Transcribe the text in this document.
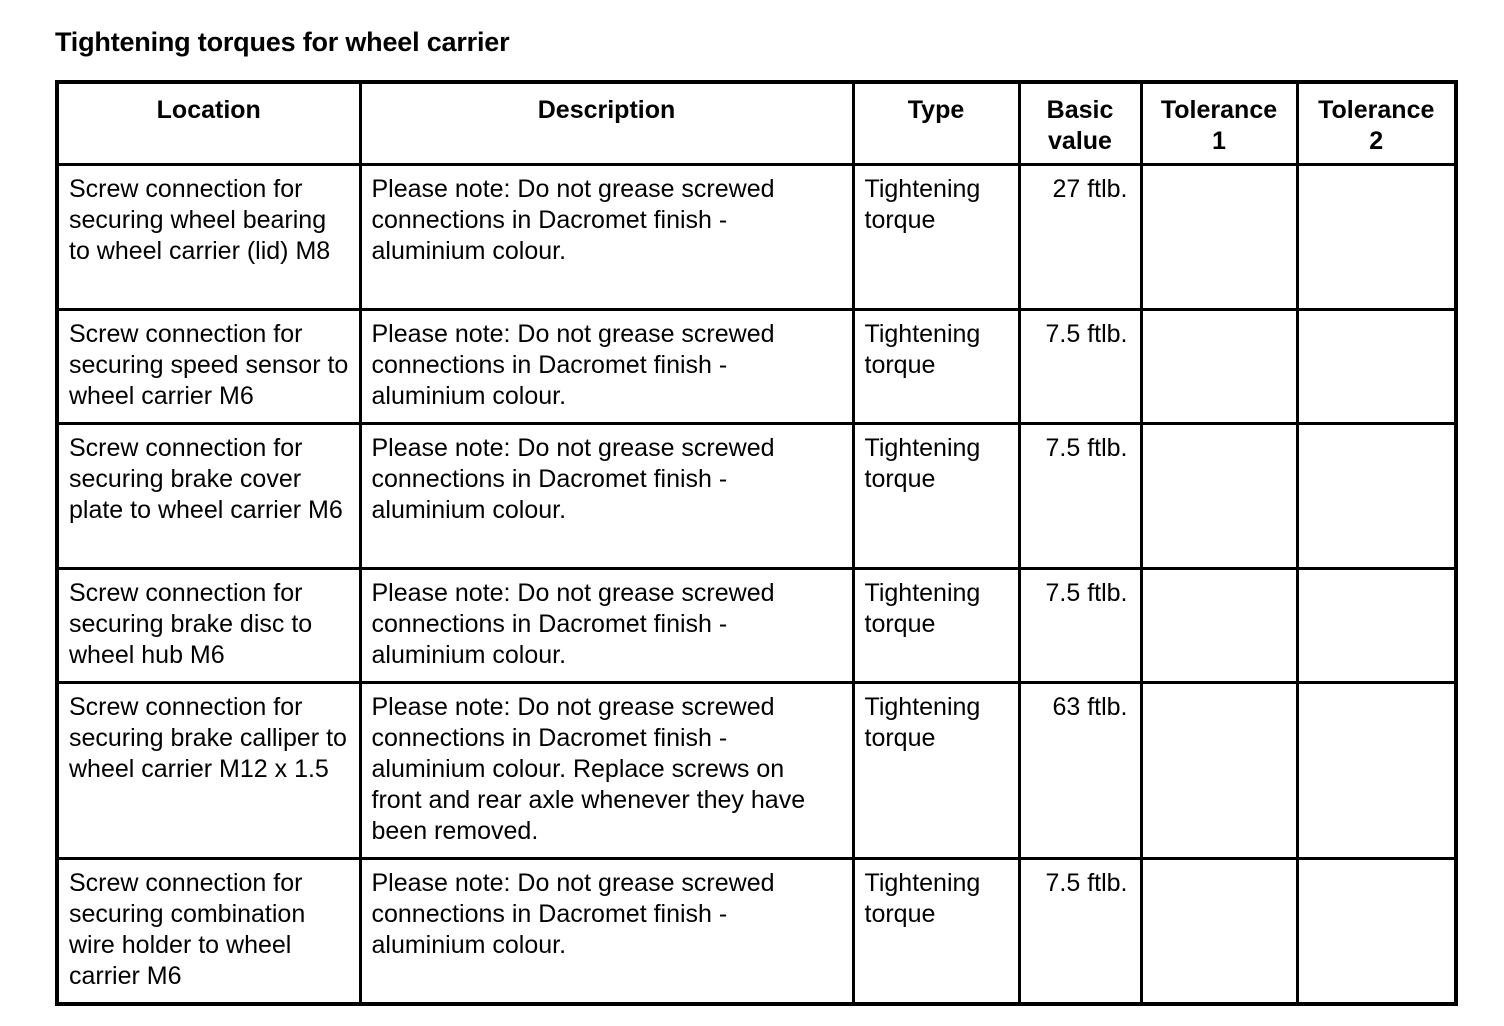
Tightening torques for wheel carrier
Location	Description	Type	Basic value	Tolerance 1	Tolerance 2
Screw connection for securing wheel bearing to wheel carrier (lid) M8	Please note: Do not grease screwed connections in Dacromet finish - aluminium colour.	Tightening torque	27 ftlb.		
Screw connection for securing speed sensor to wheel carrier M6	Please note: Do not grease screwed connections in Dacromet finish - aluminium colour.	Tightening torque	7.5 ftlb.		
Screw connection for securing brake cover plate to wheel carrier M6	Please note: Do not grease screwed connections in Dacromet finish - aluminium colour.	Tightening torque	7.5 ftlb.		
Screw connection for securing brake disc to wheel hub M6	Please note: Do not grease screwed connections in Dacromet finish - aluminium colour.	Tightening torque	7.5 ftlb.		
Screw connection for securing brake calliper to wheel carrier M12 x 1.5	Please note: Do not grease screwed connections in Dacromet finish - aluminium colour. Replace screws on front and rear axle whenever they have been removed.	Tightening torque	63 ftlb.		
Screw connection for securing combination wire holder to wheel carrier M6	Please note: Do not grease screwed connections in Dacromet finish - aluminium colour.	Tightening torque	7.5 ftlb.		
